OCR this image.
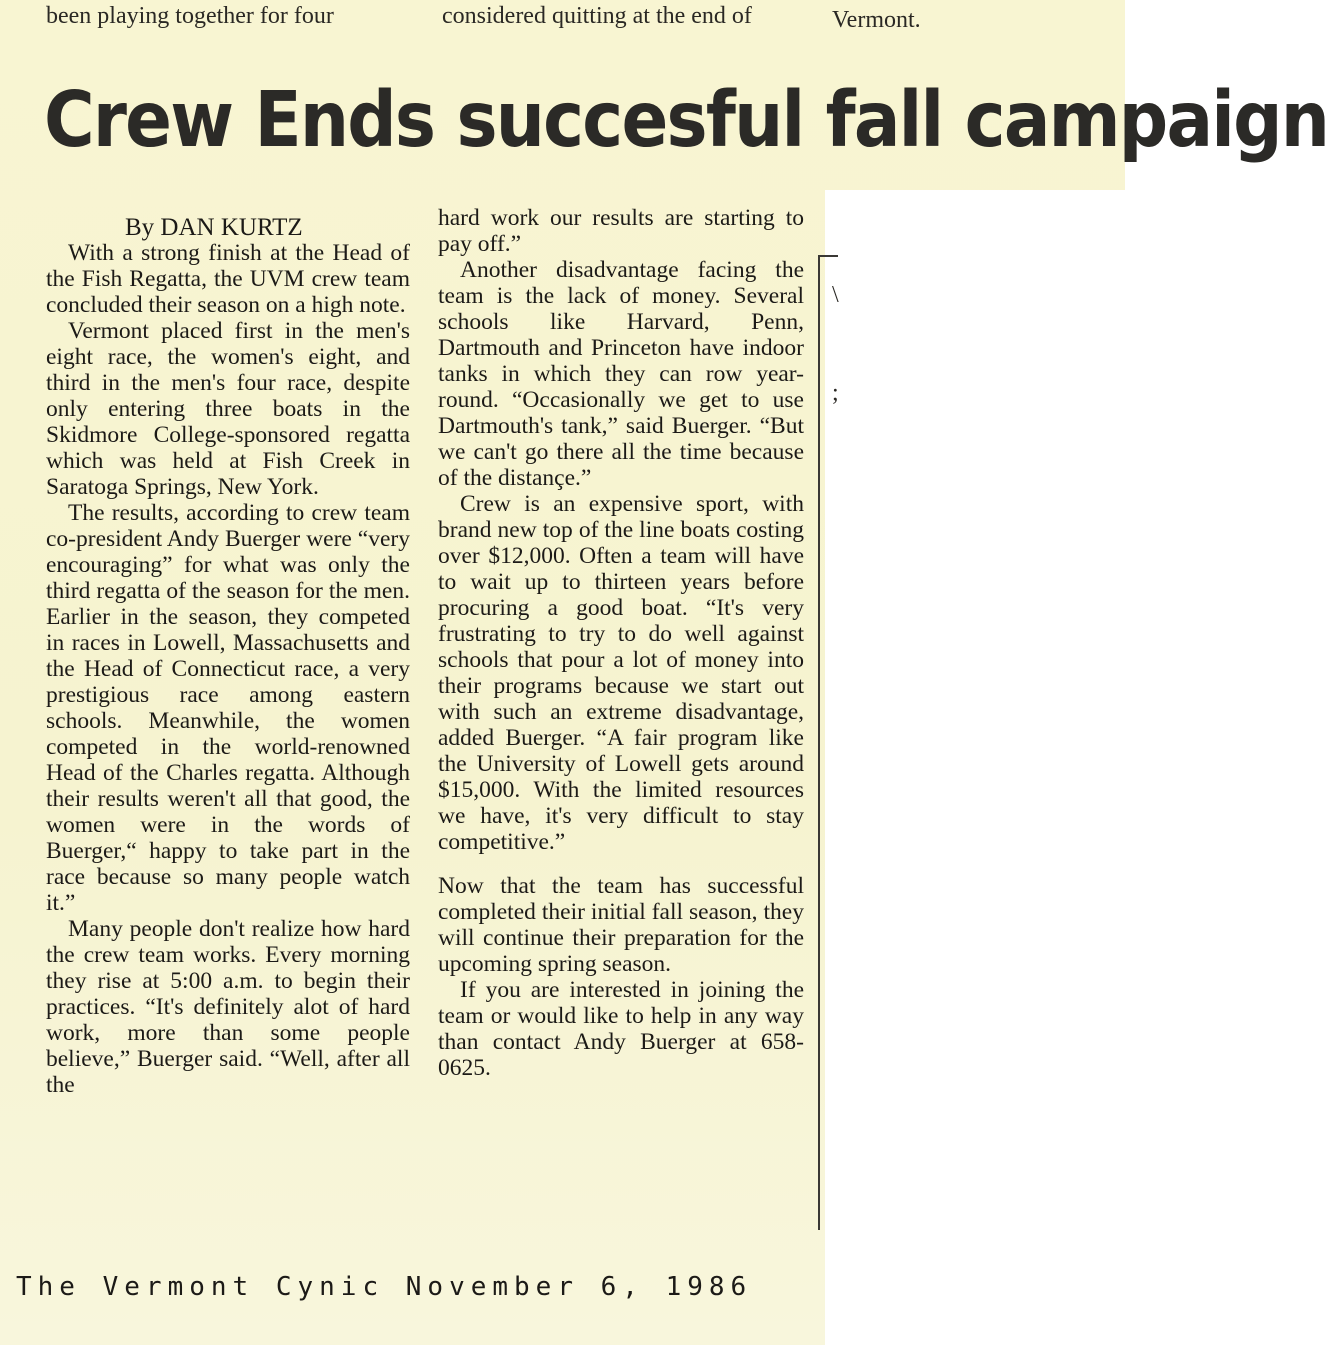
been playing together for four	considered quitting at the end of	Vermont.
Crew Ends succesful fall campaign
By DAN KURTZ

With a strong finish at the Head of the Fish Regatta, the UVM crew team concluded their season on a high note.

Vermont placed first in the men's eight race, the women's eight, and third in the men's four race, despite only entering three boats in the Skidmore College-sponsored regatta which was held at Fish Creek in Saratoga Springs, New York.

The results, according to crew team co-president Andy Buerger were “very encouraging” for what was only the third regatta of the season for the men. Earlier in the season, they competed in races in Lowell, Massachusetts and the Head of Connecticut race, a very prestigious race among eastern schools. Meanwhile, the women competed in the world-renowned Head of the Charles regatta. Although their results weren't all that good, the women were in the words of Buerger,“ happy to take part in the race because so many people watch it.”

Many people don't realize how hard the crew team works. Every morning they rise at 5:00 a.m. to begin their practices. “It's definitely alot of hard work, more than some people believe,” Buerger said. “Well, after all the

hard work our results are starting to pay off.”

Another disadvantage facing the team is the lack of money. Several schools like Harvard, Penn, Dartmouth and Princeton have indoor tanks in which they can row year-round. “Occasionally we get to use Dartmouth's tank,” said Buerger. “But we can't go there all the time because of the distançe.”

Crew is an expensive sport, with brand new top of the line boats costing over $12,000. Often a team will have to wait up to thirteen years before procuring a good boat. “It's very frustrating to try to do well against schools that pour a lot of money into their programs because we start out with such an extreme disadvantage, added Buerger. “A fair program like the University of Lowell gets around $15,000. With the limited resources we have, it's very difficult to stay competitive.”

Now that the team has successful completed their initial fall season, they will continue their preparation for the upcoming spring season.

If you are interested in joining the team or would like to help in any way than contact Andy Buerger at 658-0625.

\
;
The Vermont Cynic November 6, 1986
